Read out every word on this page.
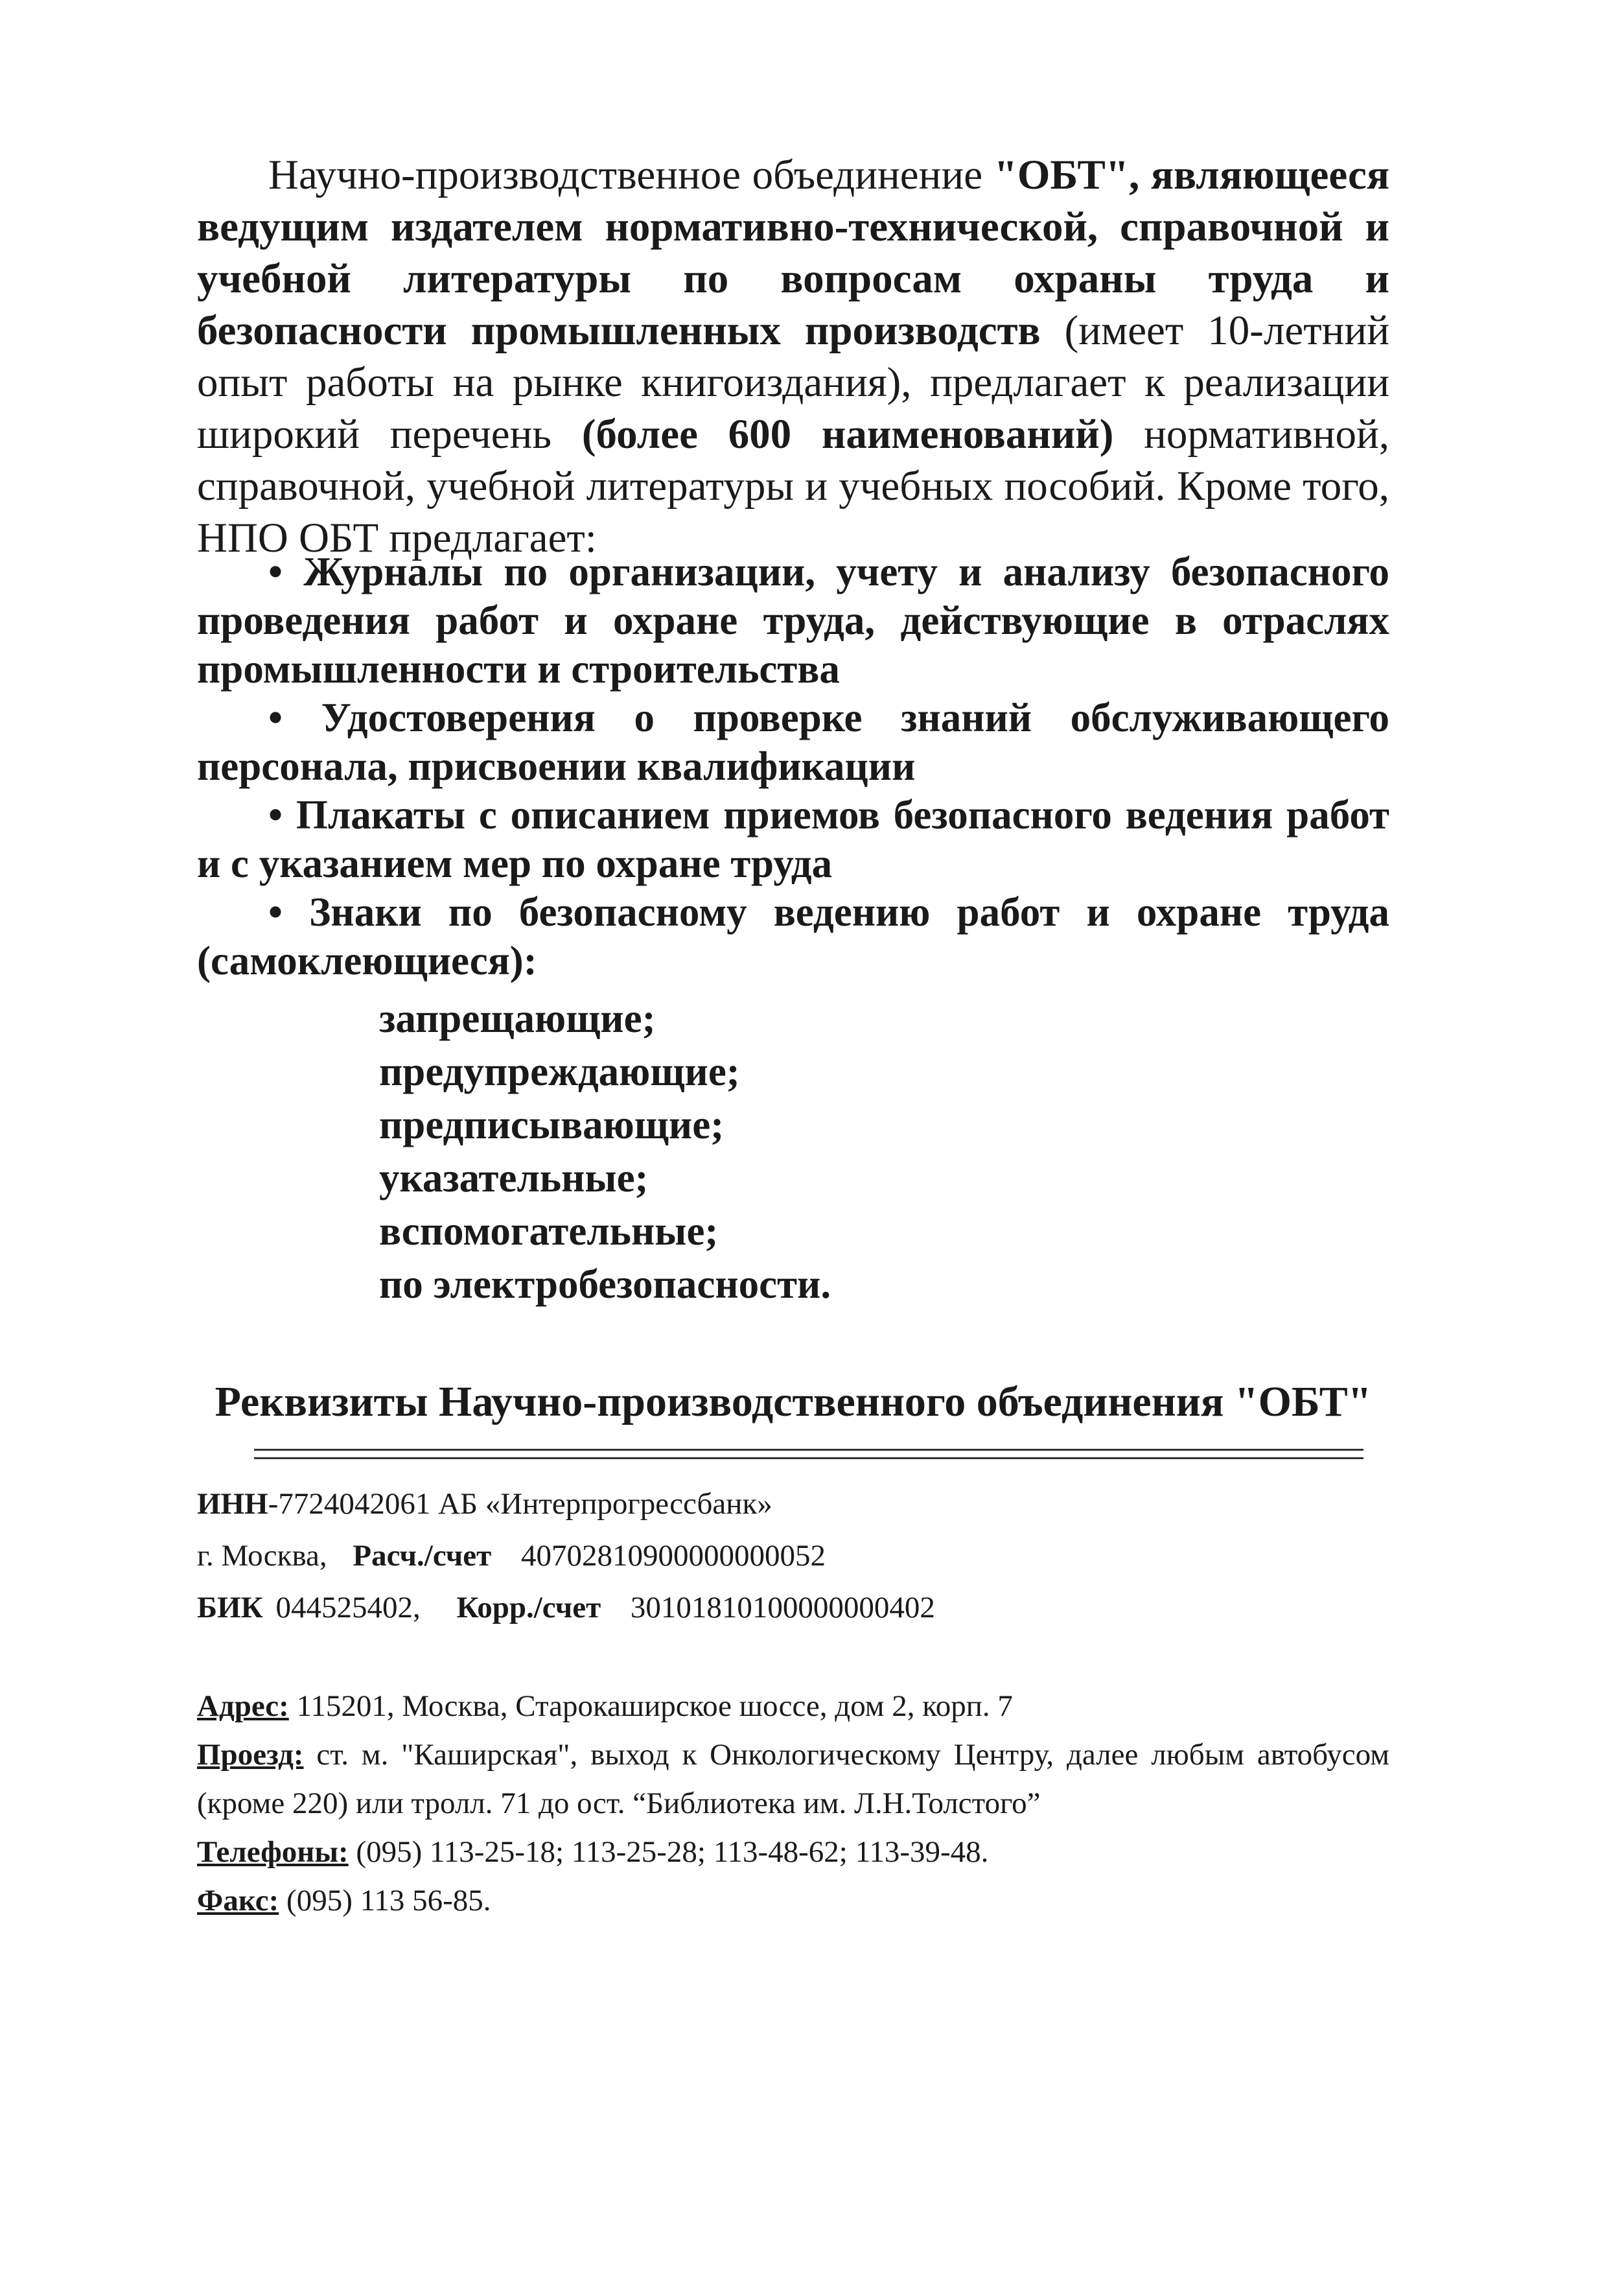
Научно-производственное объединение "ОБТ", являющееся ведущим издателем нормативно-технической, справочной и учебной литературы по вопросам охраны труда и безопасности промышленных производств (имеет 10-летний опыт работы на рынке книгоиздания), предлагает к реализации широкий перечень (более 600 наименований) нормативной, справочной, учебной литературы и учебных пособий. Кроме того, НПО ОБТ предлагает:

• Журналы по организации, учету и анализу безопасного проведения работ и охране труда, действующие в отраслях промышленности и строительства

• Удостоверения о проверке знаний обслуживающего персонала, присвоении квалификации

• Плакаты с описанием приемов безопасного ведения работ и с указанием мер по охране труда

• Знаки по безопасному ведению работ и охране труда (самоклеющиеся):

запрещающие;
предупреждающие;
предписывающие;
указательные;
вспомогательные;
по электробезопасности.
Реквизиты Научно-производственного объединения "ОБТ"
ИНН-7724042061 АБ «Интерпрогрессбанк»
г. Москва, Расч./счет 40702810900000000052
БИК 044525402, Корр./счет 30101810100000000402
Адрес: 115201, Москва, Старокаширское шоссе, дом 2, корп. 7
Проезд: ст. м. "Каширская", выход к Онкологическому Центру, далее любым автобусом (кроме 220) или тролл. 71 до ост. “Библиотека им. Л.Н.Толстого”
Телефоны: (095) 113-25-18; 113-25-28; 113-48-62; 113-39-48.
Факс: (095) 113 56-85.
